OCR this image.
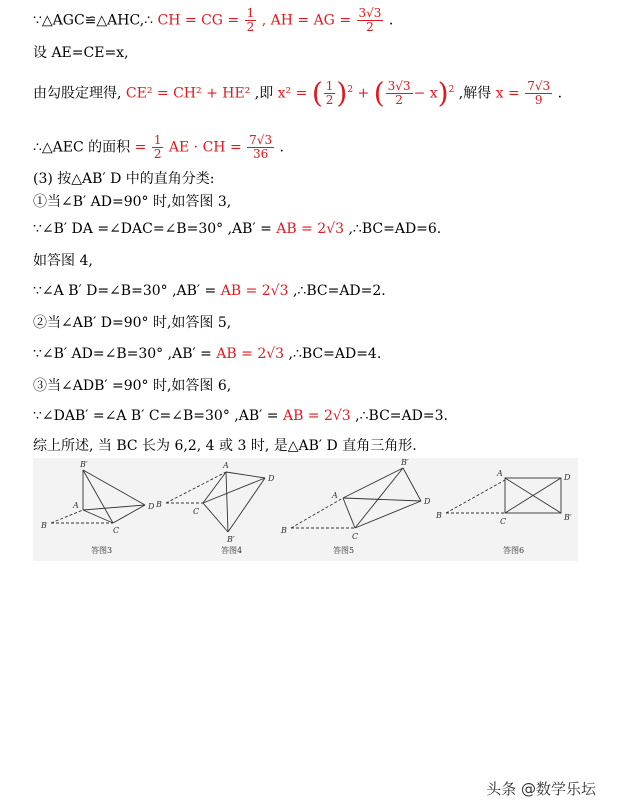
∵△AGC≌△AHC,∴ CH = CG = $\frac{1}{2}$ , AH = AG = $\frac{3√3}{2}$ .
设 AE=CE=x,
由勾股定理得, CE² = CH² + HE² ,即 x² = ( $\frac{1}{2} )^2$ + ( $\frac{3√3}{2} - x)^2$ ,解得 $x = \frac{7√3}{9}$ .
∴△AEC 的面积 = $\frac{1}{2}$ AE · CH = $\frac{7√3}{36}$ .
(3) 按△AB′ D 中的直角分类:
①当∠B′ AD=90° 时,如答图 3,
∵∠B′ DA =∠DAC=∠B=30° ,AB′ = AB = 2√3 ,∴BC=AD=6.
如答图 4,
∵∠A B′ D=∠B=30° ,AB′ = AB = 2√3 ,∴BC=AD=2.
②当∠AB′ D=90° 时,如答图 5,
∵∠B′ AD=∠B=30° ,AB′ = AB = 2√3 ,∴BC=AD=4.
③当∠ADB′ =90° 时,如答图 6,
∵∠DAB′ =∠A B′ C=∠B=30° ,AB′ = AB = 2√3 ,∴BC=AD=3.
综上所述, 当 BC 长为 6,2, 4 或 3 时, 是△AB′ D 直角三角形.
B′
A	D
B
C
答图3
A
D
B
C
B′
答图4
B′
A
D
B
C
答图5
A	D
B
C	B′
答图6
头条 @数学乐坛
